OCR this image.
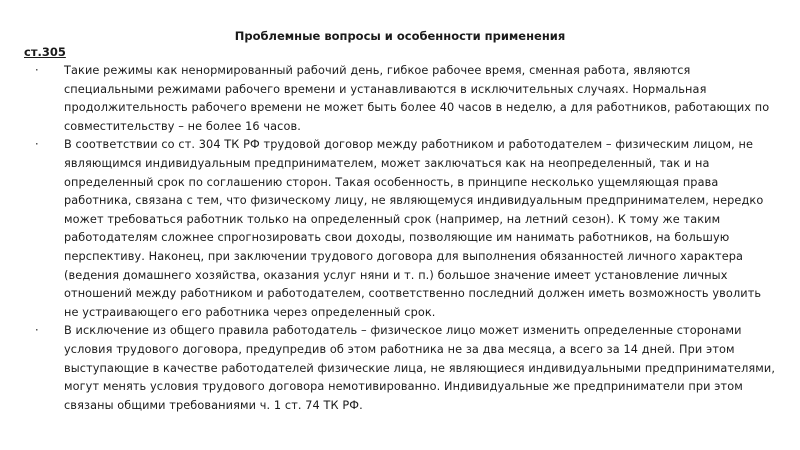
Проблемные вопросы и особенности применения

ст.305

·	Такие режимы как ненормированный рабочий день, гибкое рабочее время, сменная работа, являются специальными режимами рабочего времени и устанавливаются в исключительных случаях. Нормальная продолжительность рабочего времени не может быть более 40 часов в неделю, а для работников, работающих по совместительству – не более 16 часов.
·	В соответствии со ст. 304 ТК РФ трудовой договор между работником и работодателем – физическим лицом, не являющимся индивидуальным предпринимателем, может заключаться как на неопределенный, так и на определенный срок по соглашению сторон. Такая особенность, в принципе несколько ущемляющая права работника, связана с тем, что физическому лицу, не являющемуся индивидуальным предпринимателем, нередко может требоваться работник только на определенный срок (например, на летний сезон). К тому же таким работодателям сложнее спрогнозировать свои доходы, позволяющие им нанимать работников, на большую перспективу. Наконец, при заключении трудового договора для выполнения обязанностей личного характера (ведения домашнего хозяйства, оказания услуг няни и т. п.) большое значение имеет установление личных отношений между работником и работодателем, соответственно последний должен иметь возможность уволить не устраивающего его работника через определенный срок.
·	В исключение из общего правила работодатель – физическое лицо может изменить определенные сторонами условия трудового договора, предупредив об этом работника не за два месяца, а всего за 14 дней. При этом выступающие в качестве работодателей физические лица, не являющиеся индивидуальными предпринимателями, могут менять условия трудового договора немотивированно. Индивидуальные же предприниматели при этом связаны общими требованиями ч. 1 ст. 74 ТК РФ.
